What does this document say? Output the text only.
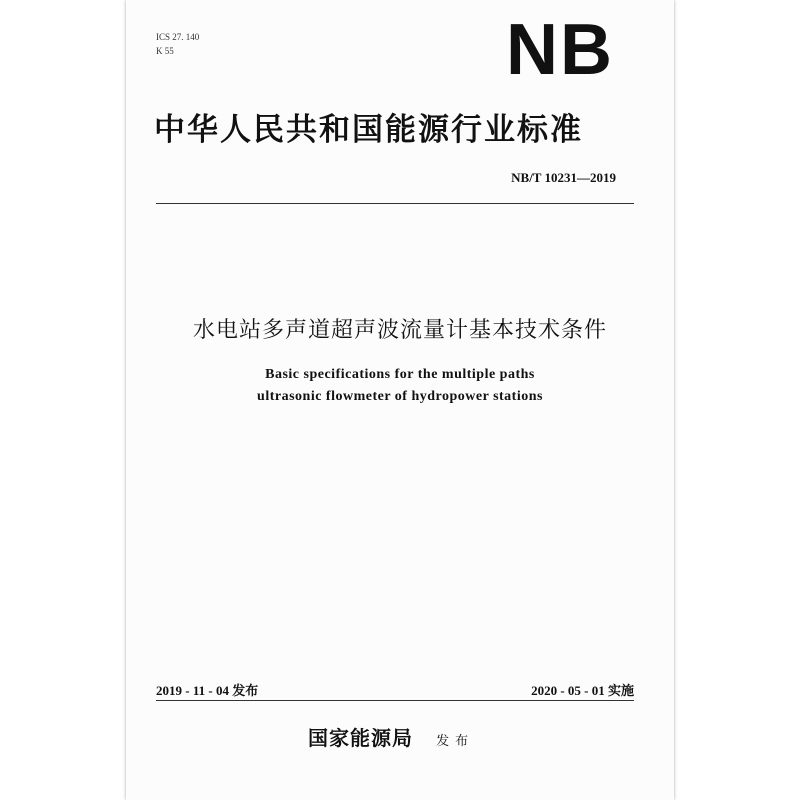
ICS 27. 140
K 55	NB
中华人民共和国能源行业标准
NB/T 10231—2019
水电站多声道超声波流量计基本技术条件
Basic specifications for the multiple paths
ultrasonic flowmeter of hydropower stations
2019 - 11 - 04 发布	2020 - 05 - 01 实施
国家能源局 发布
